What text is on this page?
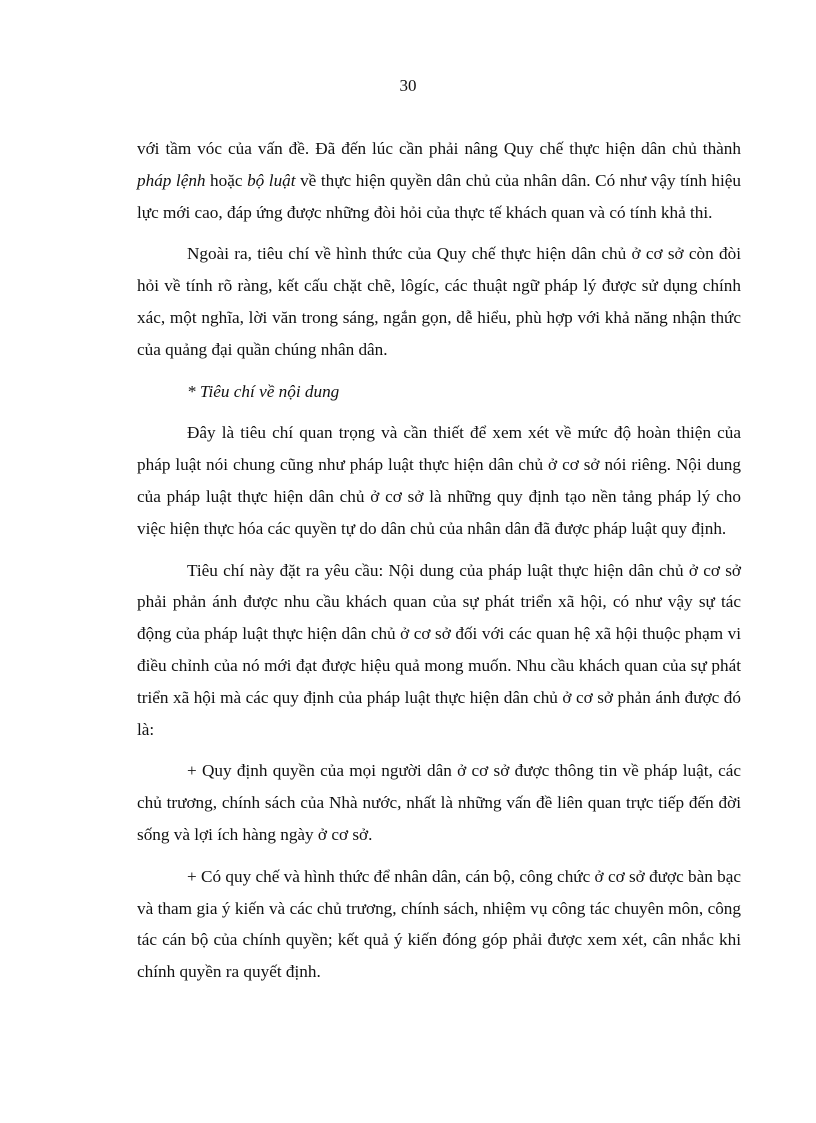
30

với tầm vóc của vấn đề. Đã đến lúc cần phải nâng Quy chế thực hiện dân chủ thành pháp lệnh hoặc bộ luật về thực hiện quyền dân chủ của nhân dân. Có như vậy tính hiệu lực mới cao, đáp ứng được những đòi hỏi của thực tế khách quan và có tính khả thi.

Ngoài ra, tiêu chí về hình thức của Quy chế thực hiện dân chủ ở cơ sở còn đòi hỏi về tính rõ ràng, kết cấu chặt chẽ, lôgíc, các thuật ngữ pháp lý được sử dụng chính xác, một nghĩa, lời văn trong sáng, ngắn gọn, dễ hiểu, phù hợp với khả năng nhận thức của quảng đại quần chúng nhân dân.

* Tiêu chí về nội dung

Đây là tiêu chí quan trọng và cần thiết để xem xét về mức độ hoàn thiện của pháp luật nói chung cũng như pháp luật thực hiện dân chủ ở cơ sở nói riêng. Nội dung của pháp luật thực hiện dân chủ ở cơ sở là những quy định tạo nền tảng pháp lý cho việc hiện thực hóa các quyền tự do dân chủ của nhân dân đã được pháp luật quy định.

Tiêu chí này đặt ra yêu cầu: Nội dung của pháp luật thực hiện dân chủ ở cơ sở phải phản ánh được nhu cầu khách quan của sự phát triển xã hội, có như vậy sự tác động của pháp luật thực hiện dân chủ ở cơ sở đối với các quan hệ xã hội thuộc phạm vi điều chỉnh của nó mới đạt được hiệu quả mong muốn. Nhu cầu khách quan của sự phát triển xã hội mà các quy định của pháp luật thực hiện dân chủ ở cơ sở phản ánh được đó là:

+ Quy định quyền của mọi người dân ở cơ sở được thông tin về pháp luật, các chủ trương, chính sách của Nhà nước, nhất là những vấn đề liên quan trực tiếp đến đời sống và lợi ích hàng ngày ở cơ sở.

+ Có quy chế và hình thức để nhân dân, cán bộ, công chức ở cơ sở được bàn bạc và tham gia ý kiến và các chủ trương, chính sách, nhiệm vụ công tác chuyên môn, công tác cán bộ của chính quyền; kết quả ý kiến đóng góp phải được xem xét, cân nhắc khi chính quyền ra quyết định.
